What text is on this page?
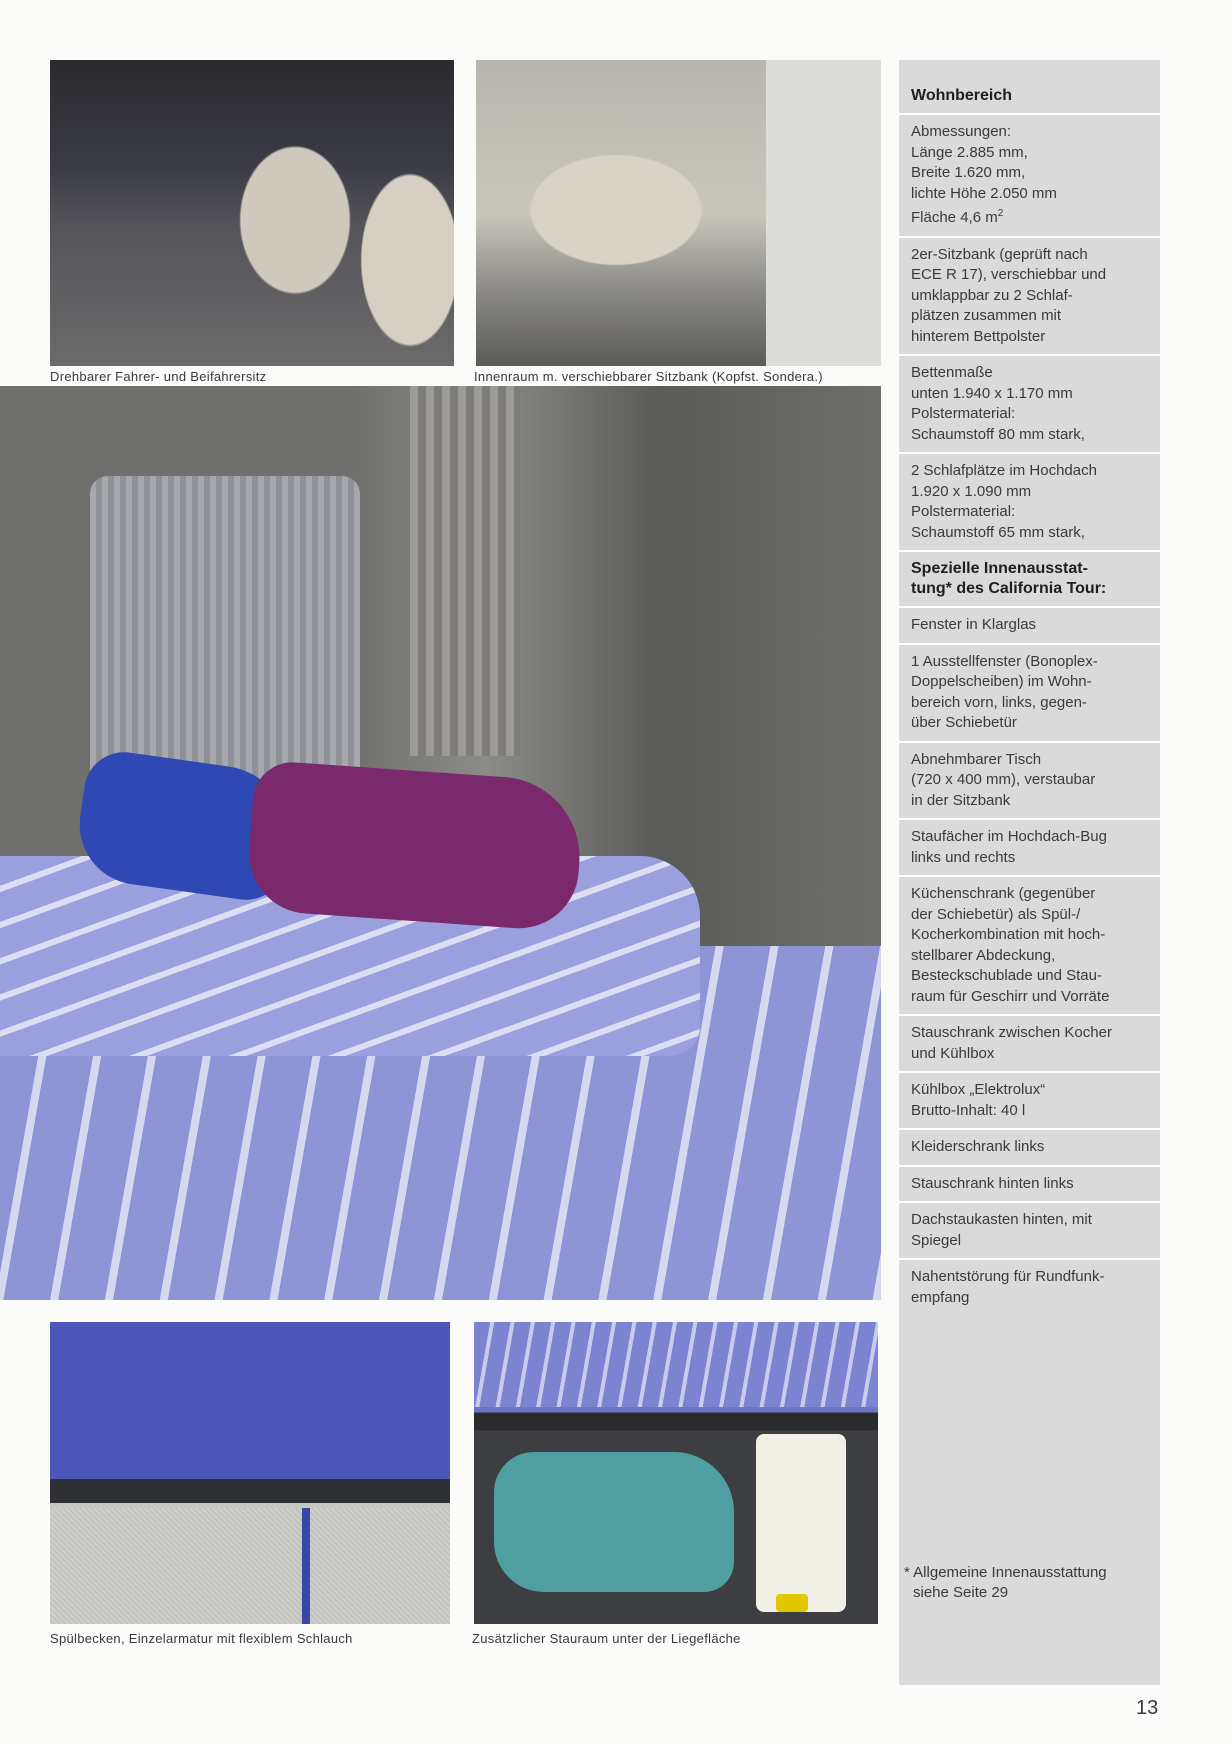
Drehbarer Fahrer- und Beifahrersitz	Innenraum m. verschiebbarer Sitzbank (Kopfst. Sondera.)
Spülbecken, Einzelarmatur mit flexiblem Schlauch	Zusätzlicher Stauraum unter der Liegefläche
Wohnbereich

Abmessungen:
Länge 2.885 mm,
Breite 1.620 mm,
lichte Höhe 2.050 mm
Fläche 4,6 $m^2$

2er-Sitzbank (geprüft nach
ECE R 17), verschiebbar und
umklappbar zu 2 Schlaf-
plätzen zusammen mit
hinterem Bettpolster

Bettenmaße
unten 1.940 x 1.170 mm
Polstermaterial:
Schaumstoff 80 mm stark,

2 Schlafplätze im Hochdach
1.920 x 1.090 mm
Polstermaterial:
Schaumstoff 65 mm stark,

Spezielle Innenausstat-
tung* des California Tour:

Fenster in Klarglas

1 Ausstellfenster (Bonoplex-
Doppelscheiben) im Wohn-
bereich vorn, links, gegen-
über Schiebetür

Abnehmbarer Tisch
(720 x 400 mm), verstaubar
in der Sitzbank

Staufächer im Hochdach-Bug
links und rechts

Küchenschrank (gegenüber
der Schiebetür) als Spül-/
Kocherkombination mit hoch-
stellbarer Abdeckung,
Besteckschublade und Stau-
raum für Geschirr und Vorräte

Stauschrank zwischen Kocher
und Kühlbox

Kühlbox „Elektrolux“
Brutto-Inhalt: 40 l

Kleiderschrank links

Stauschrank hinten links

Dachstaukasten hinten, mit
Spiegel

Nahentstörung für Rundfunk-
empfang

* Allgemeine Innenausstattung
siehe Seite 29
13
